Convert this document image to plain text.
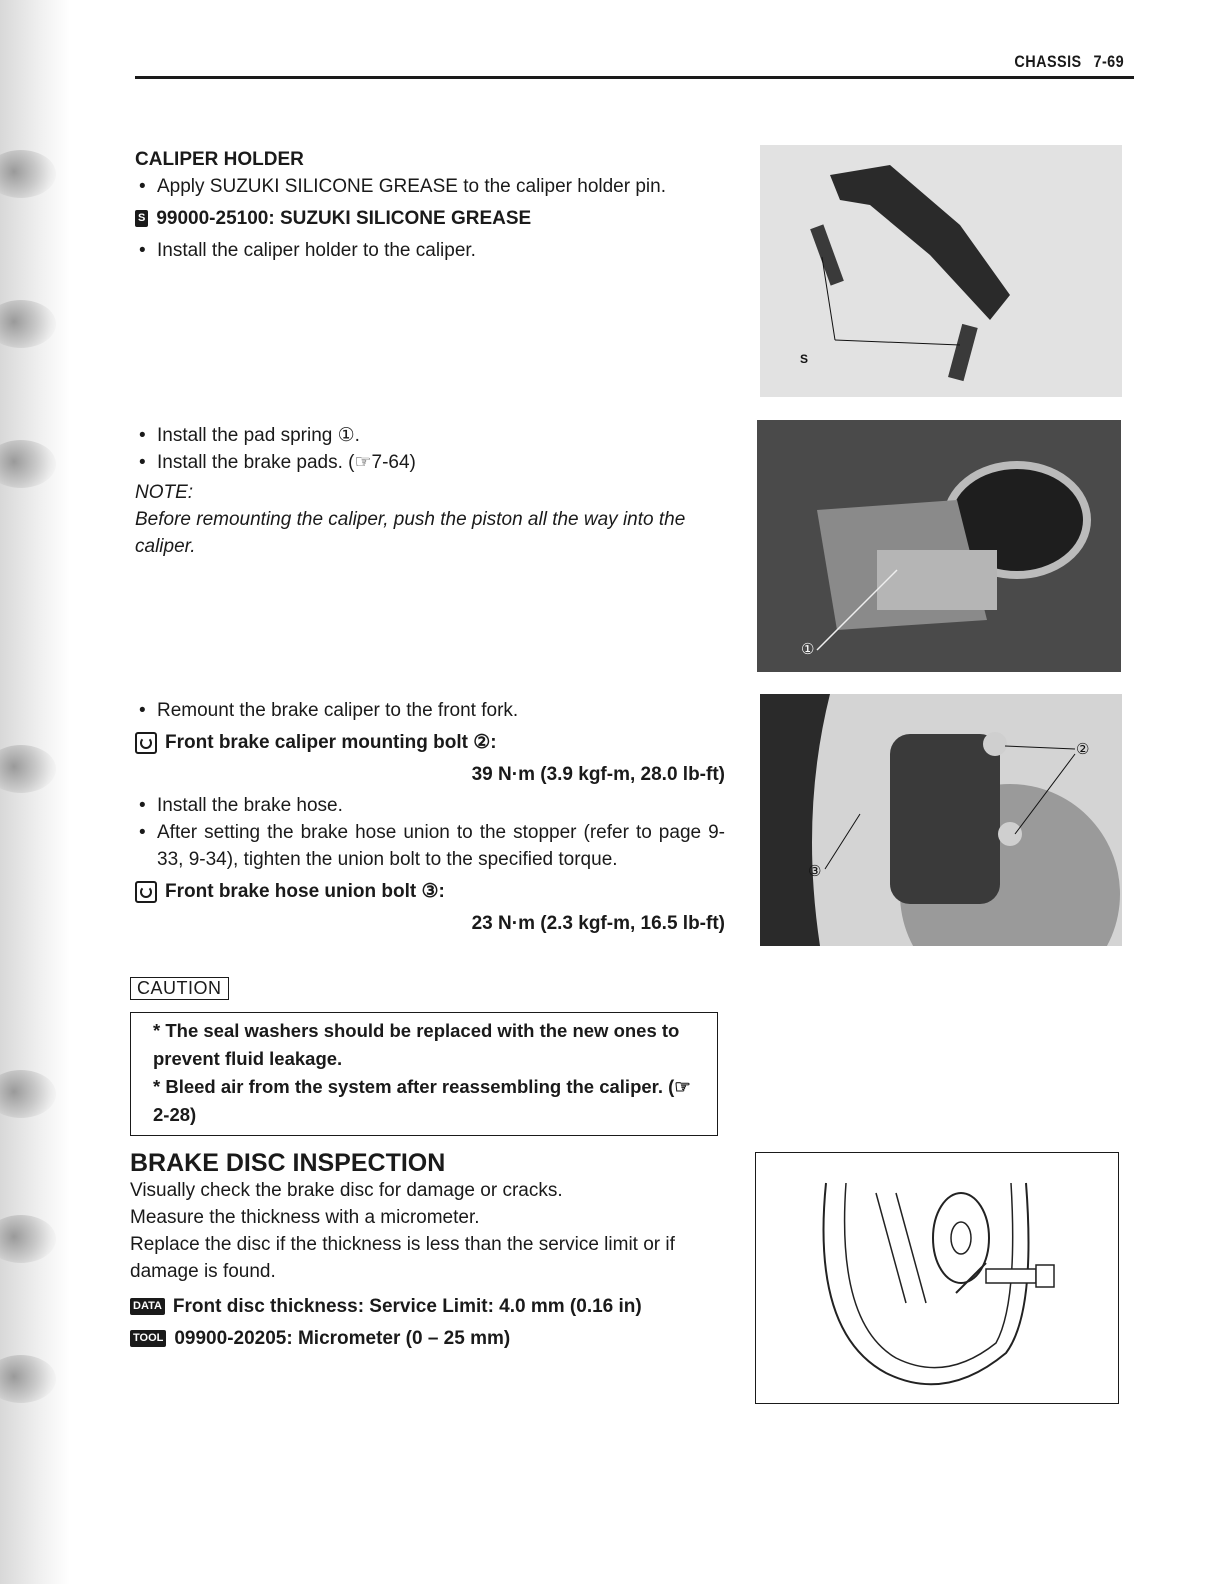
CHASSIS 7-69
CALIPER HOLDER
• Apply SUZUKI SILICONE GREASE to the caliper holder pin.
S 99000-25100: SUZUKI SILICONE GREASE
• Install the caliper holder to the caliper.
• Install the pad spring ①.
• Install the brake pads. (☞7-64)
NOTE:
Before remounting the caliper, push the piston all the way into the caliper.
• Remount the brake caliper to the front fork.
Front brake caliper mounting bolt ②:
39 N·m (3.9 kgf-m, 28.0 lb-ft)
• Install the brake hose.
• After setting the brake hose union to the stopper (refer to page 9-33, 9-34), tighten the union bolt to the specified torque.
Front brake hose union bolt ③:
23 N·m (2.3 kgf-m, 16.5 lb-ft)
CAUTION
* The seal washers should be replaced with the new ones to prevent fluid leakage.
* Bleed air from the system after reassembling the caliper. (☞2-28)
BRAKE DISC INSPECTION
Visually check the brake disc for damage or cracks.
Measure the thickness with a micrometer.
Replace the disc if the thickness is less than the service limit or if damage is found.
DATA Front disc thickness: Service Limit: 4.0 mm (0.16 in)
TOOL 09900-20205: Micrometer (0 – 25 mm)
S
①
②
③
